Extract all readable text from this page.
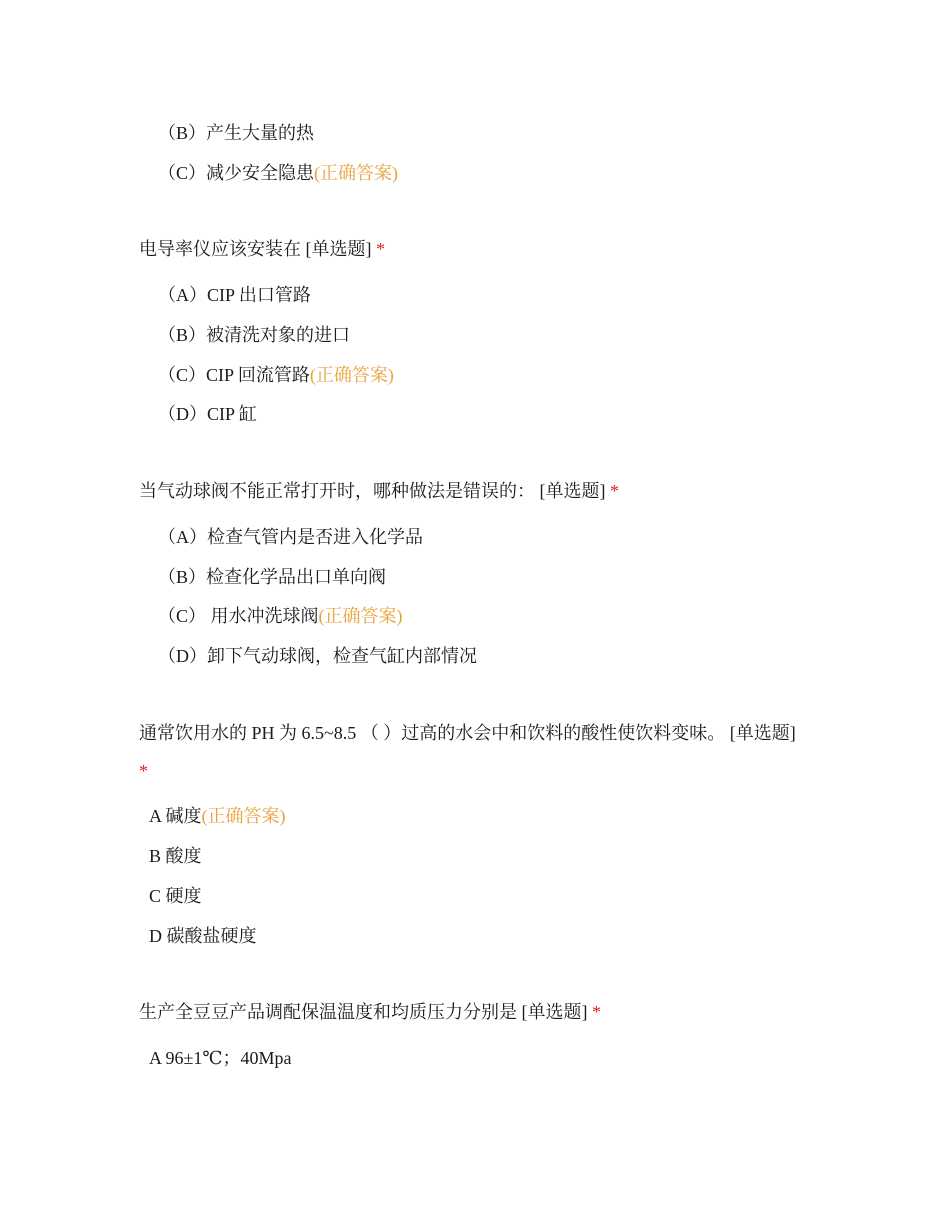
（B）产生大量的热
（C）减少安全隐患(正确答案)
电导率仪应该安装在 [单选题] *
（A）CIP 出口管路
（B）被清洗对象的进口
（C）CIP 回流管路(正确答案)
（D）CIP 缸
当气动球阀不能正常打开时，哪种做法是错误的： [单选题] *
（A）检查气管内是否进入化学品
（B）检查化学品出口单向阀
（C） 用水冲洗球阀(正确答案)
（D）卸下气动球阀，检查气缸内部情况
通常饮用水的 PH 为 6.5~8.5 （ ）过高的水会中和饮料的酸性使饮料变味。 [单选题] *
A 碱度(正确答案)
B 酸度
C 硬度
D 碳酸盐硬度
生产全豆豆产品调配保温温度和均质压力分别是 [单选题] *
A 96±1℃；40Mpa
